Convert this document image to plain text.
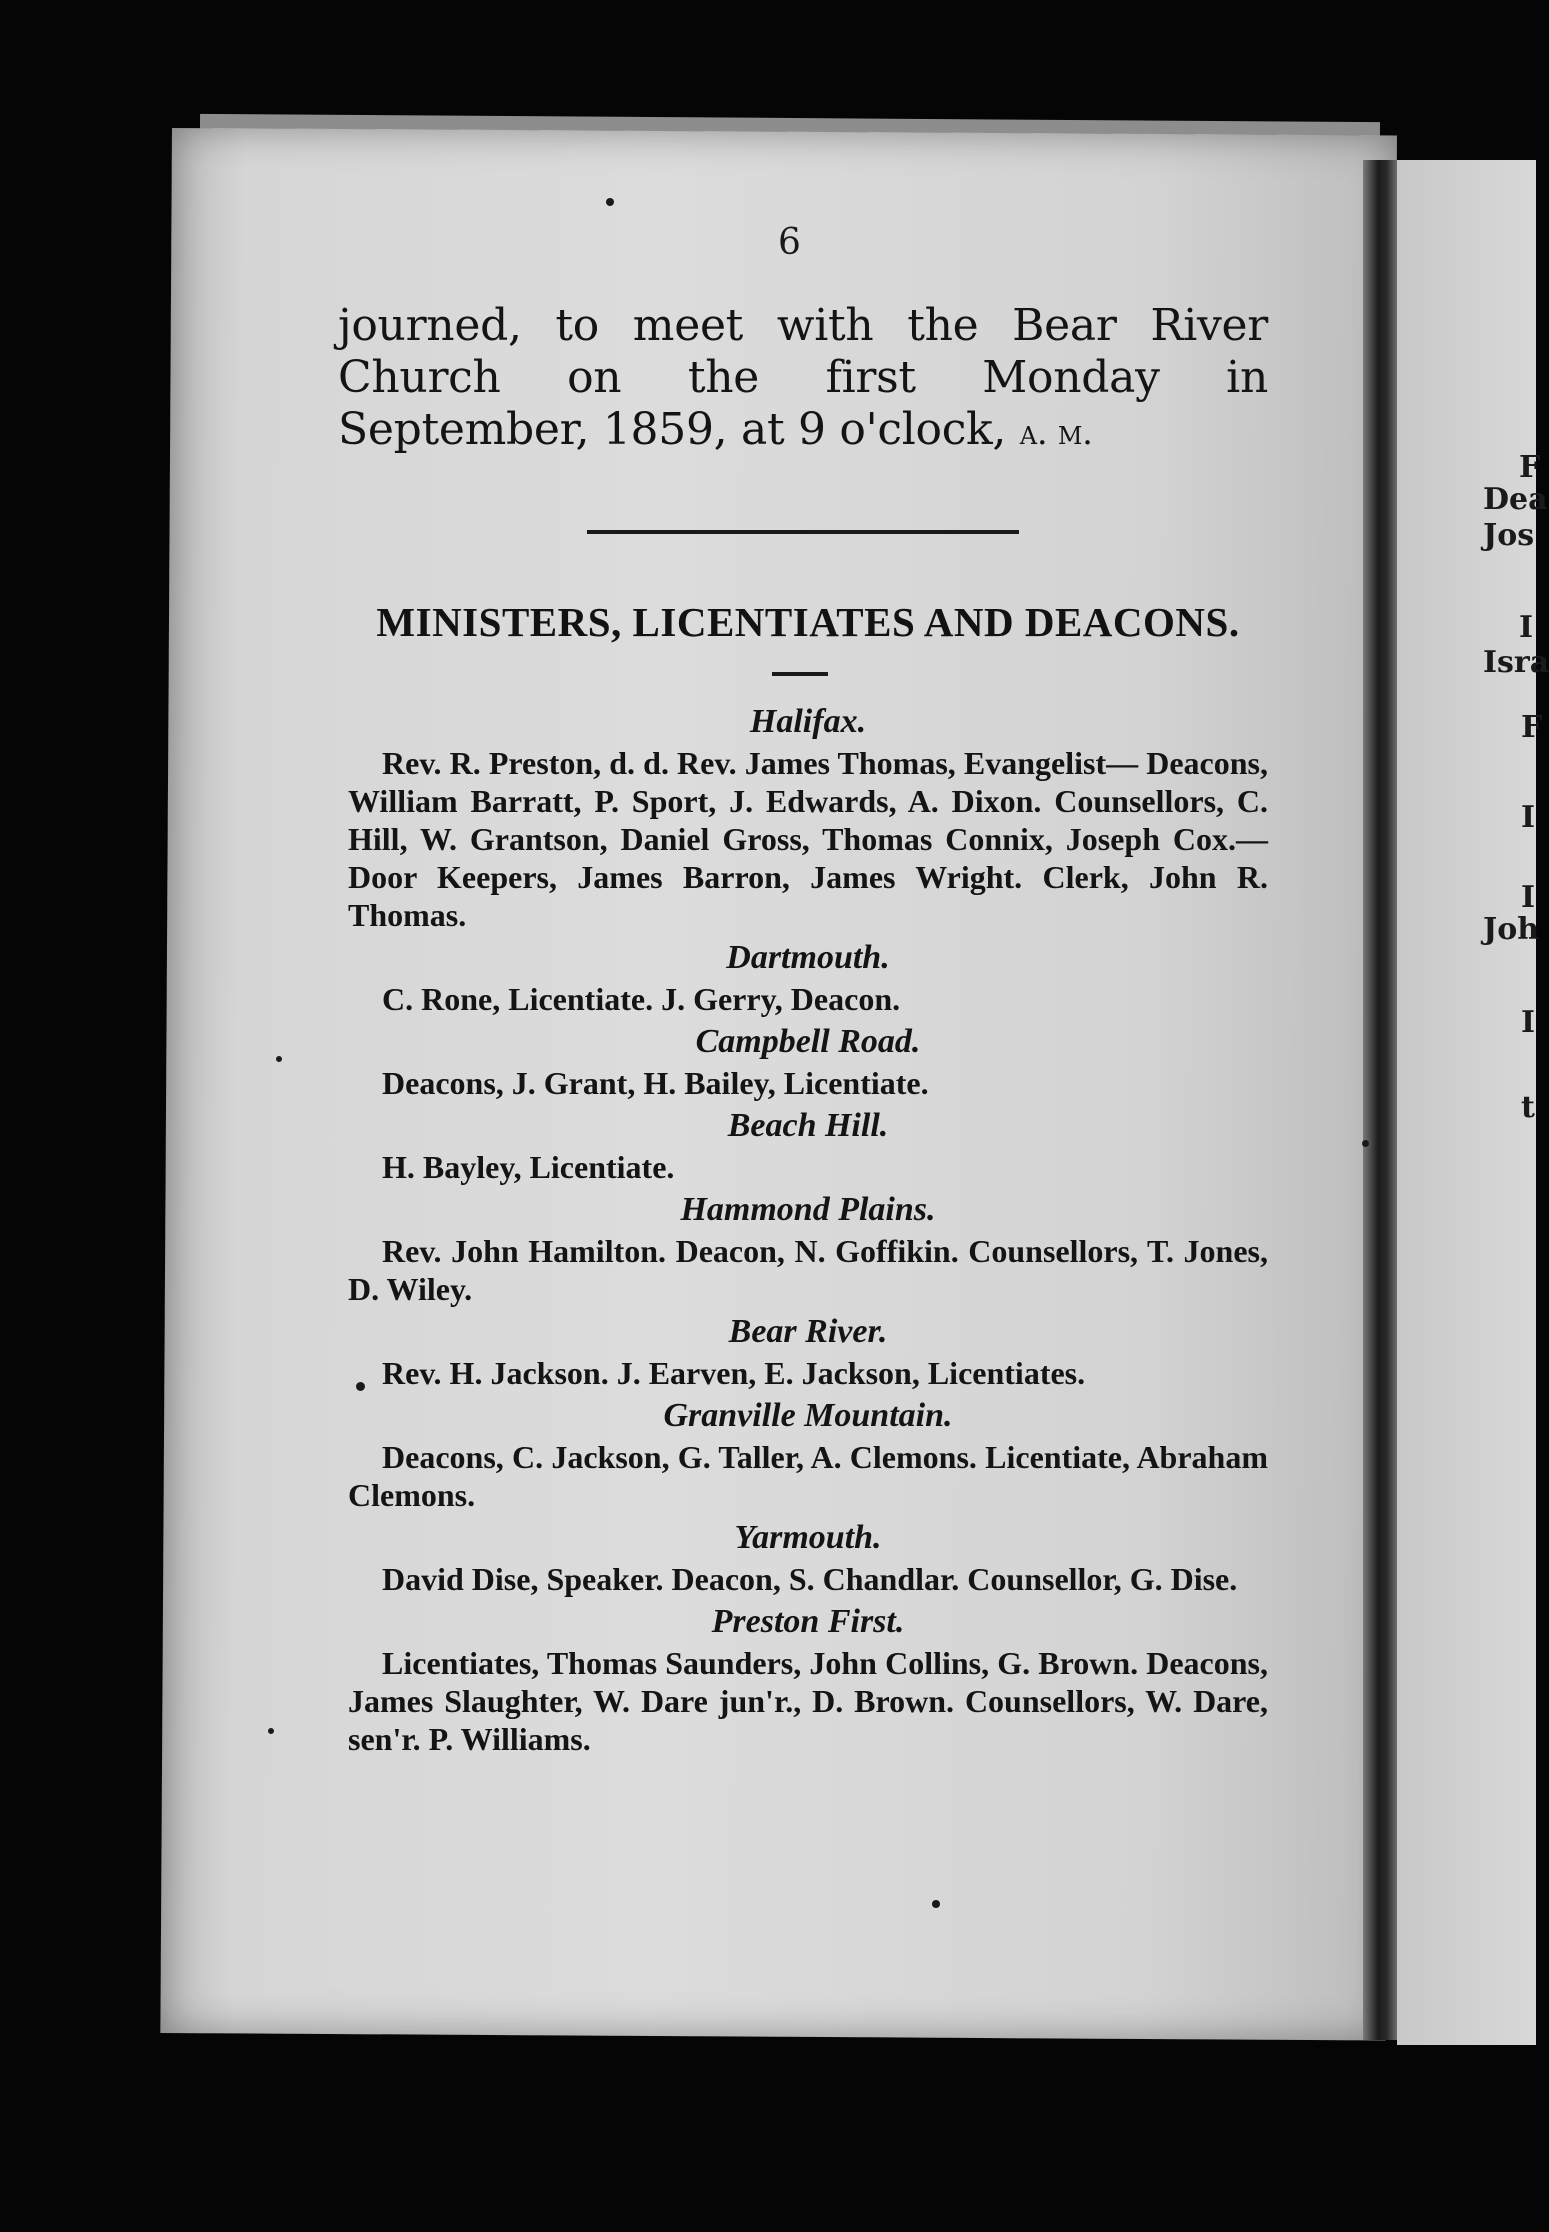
F
Dea
Jos
I
Isra
F
I
I
Joh
I
t
6
journed, to meet with the Bear River Church on the first Monday in September, 1859, at 9 o'clock, a. m.
MINISTERS, LICENTIATES AND DEACONS.

Halifax.

Rev. R. Preston, d. d. Rev. James Thomas, Evangelist— Deacons, William Barratt, P. Sport, J. Edwards, A. Dixon. Counsellors, C. Hill, W. Grantson, Daniel Gross, Thomas Connix, Joseph Cox.—Door Keepers, James Barron, James Wright. Clerk, John R. Thomas.

Dartmouth.

C. Rone, Licentiate. J. Gerry, Deacon.

Campbell Road.

Deacons, J. Grant, H. Bailey, Licentiate.

Beach Hill.

H. Bayley, Licentiate.

Hammond Plains.

Rev. John Hamilton. Deacon, N. Goffikin. Counsellors, T. Jones, D. Wiley.

Bear River.

Rev. H. Jackson. J. Earven, E. Jackson, Licentiates.

Granville Mountain.

Deacons, C. Jackson, G. Taller, A. Clemons. Licentiate, Abraham Clemons.

Yarmouth.

David Dise, Speaker. Deacon, S. Chandlar. Counsellor, G. Dise.

Preston First.

Licentiates, Thomas Saunders, John Collins, G. Brown. Deacons, James Slaughter, W. Dare jun'r., D. Brown. Counsellors, W. Dare, sen'r. P. Williams.
